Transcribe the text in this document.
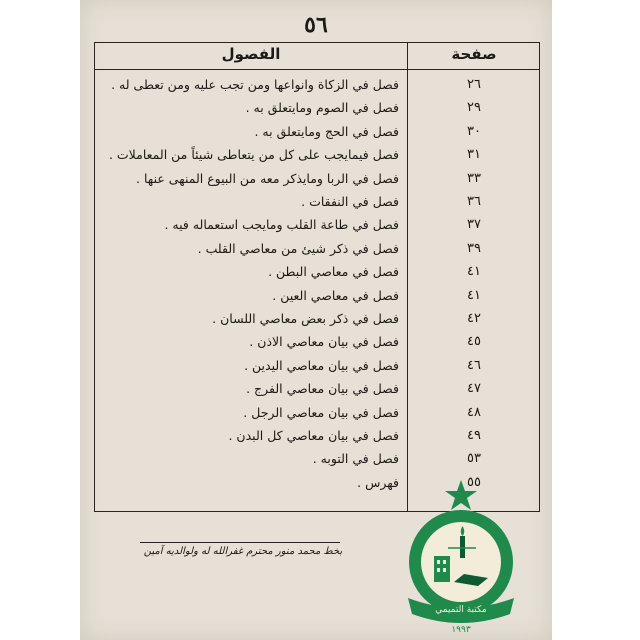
٥٦
الفصول	صفحة
فصل في الزكاة وانواعها ومن تجب عليه ومن تعطى له .	٢٦
فصل في الصوم ومايتعلق به .	٢٩
فصل في الحج ومايتعلق به .	٣٠
فصل فيمايجب على كل من يتعاطى شيئاً من المعاملات .	٣١
فصل في الربا ومايذكر معه من البيوع المنهى عنها .	٣٣
فصل في النفقات .	٣٦
فصل في طاعة القلب ومايجب استعماله فيه .	٣٧
فصل في ذكر شيئ من معاصي القلب .	٣٩
فصل في معاصي البطن .	٤١
فصل في معاصي العين .	٤١
فصل في ذكر بعض معاصي اللسان .	٤٢
فصل في بيان معاصي الاذن .	٤٥
فصل في بيان معاصي اليدين .	٤٦
فصل في بيان معاصي الفرج .	٤٧
فصل في بيان معاصي الرجل .	٤٨
فصل في بيان معاصي كل البدن .	٤٩
فصل في التوبه .	٥٣
فهرس .	٥٥
بخط محمد منور محترم غفرالله له ولوالديه آمين
مكتبة التميمي
١٩٩٣
